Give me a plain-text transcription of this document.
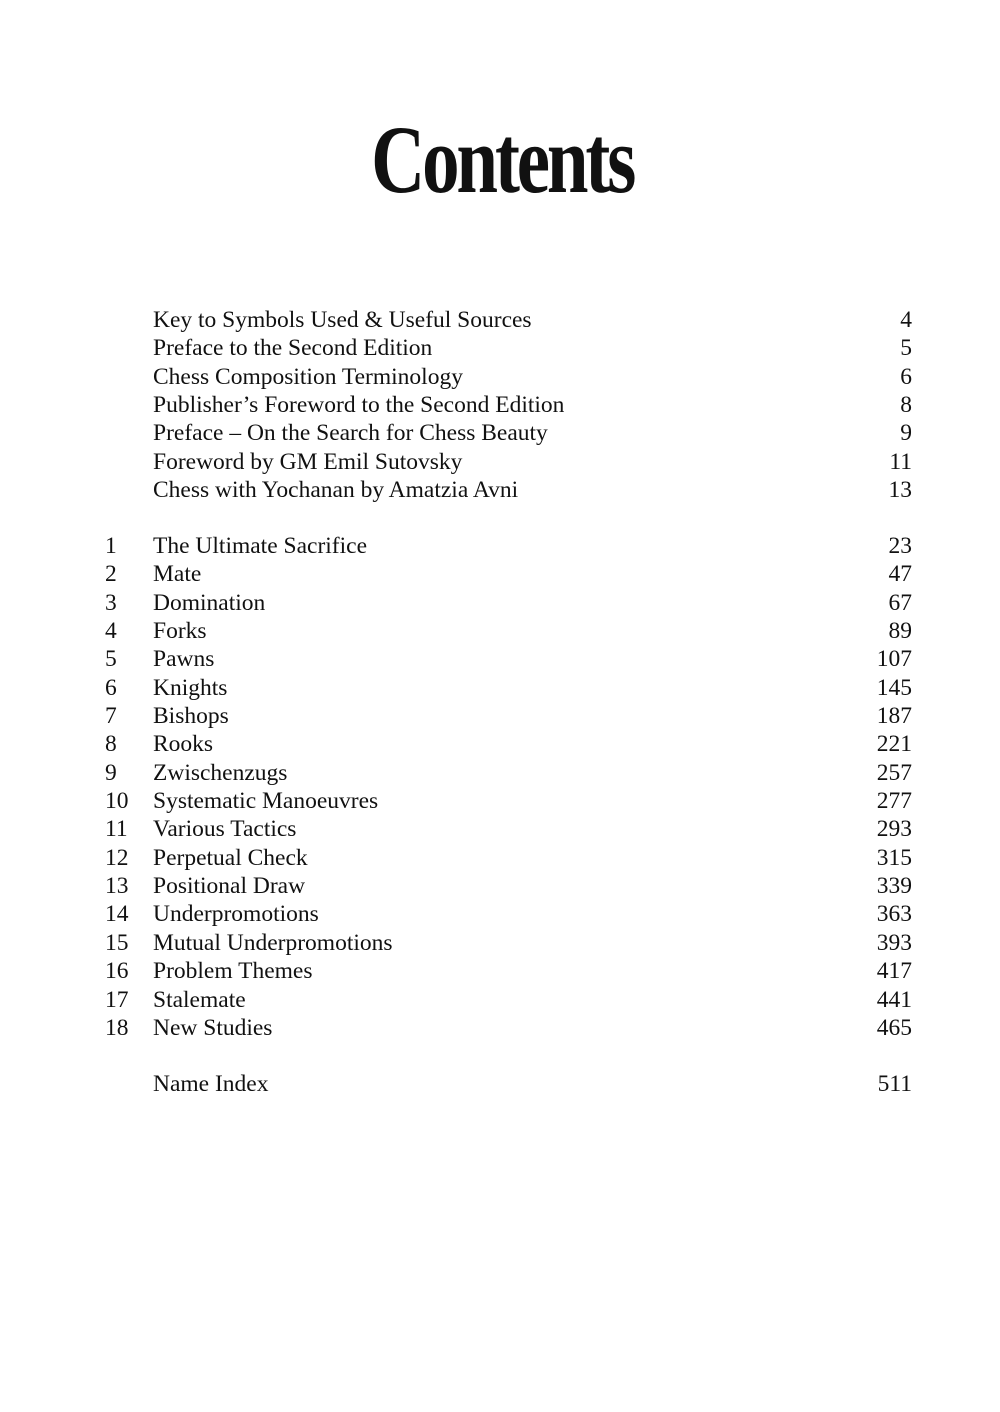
Contents
Key to Symbols Used & Useful Sources	4
Preface to the Second Edition	5
Chess Composition Terminology	6
Publisher’s Foreword to the Second Edition	8
Preface – On the Search for Chess Beauty	9
Foreword by GM Emil Sutovsky	11
Chess with Yochanan by Amatzia Avni	13
1 The Ultimate Sacrifice	23
2 Mate	47
3 Domination	67
4 Forks	89
5 Pawns	107
6 Knights	145
7 Bishops	187
8 Rooks	221
9 Zwischenzugs	257
10 Systematic Manoeuvres	277
11 Various Tactics	293
12 Perpetual Check	315
13 Positional Draw	339
14 Underpromotions	363
15 Mutual Underpromotions	393
16 Problem Themes	417
17 Stalemate	441
18 New Studies	465
Name Index	511
